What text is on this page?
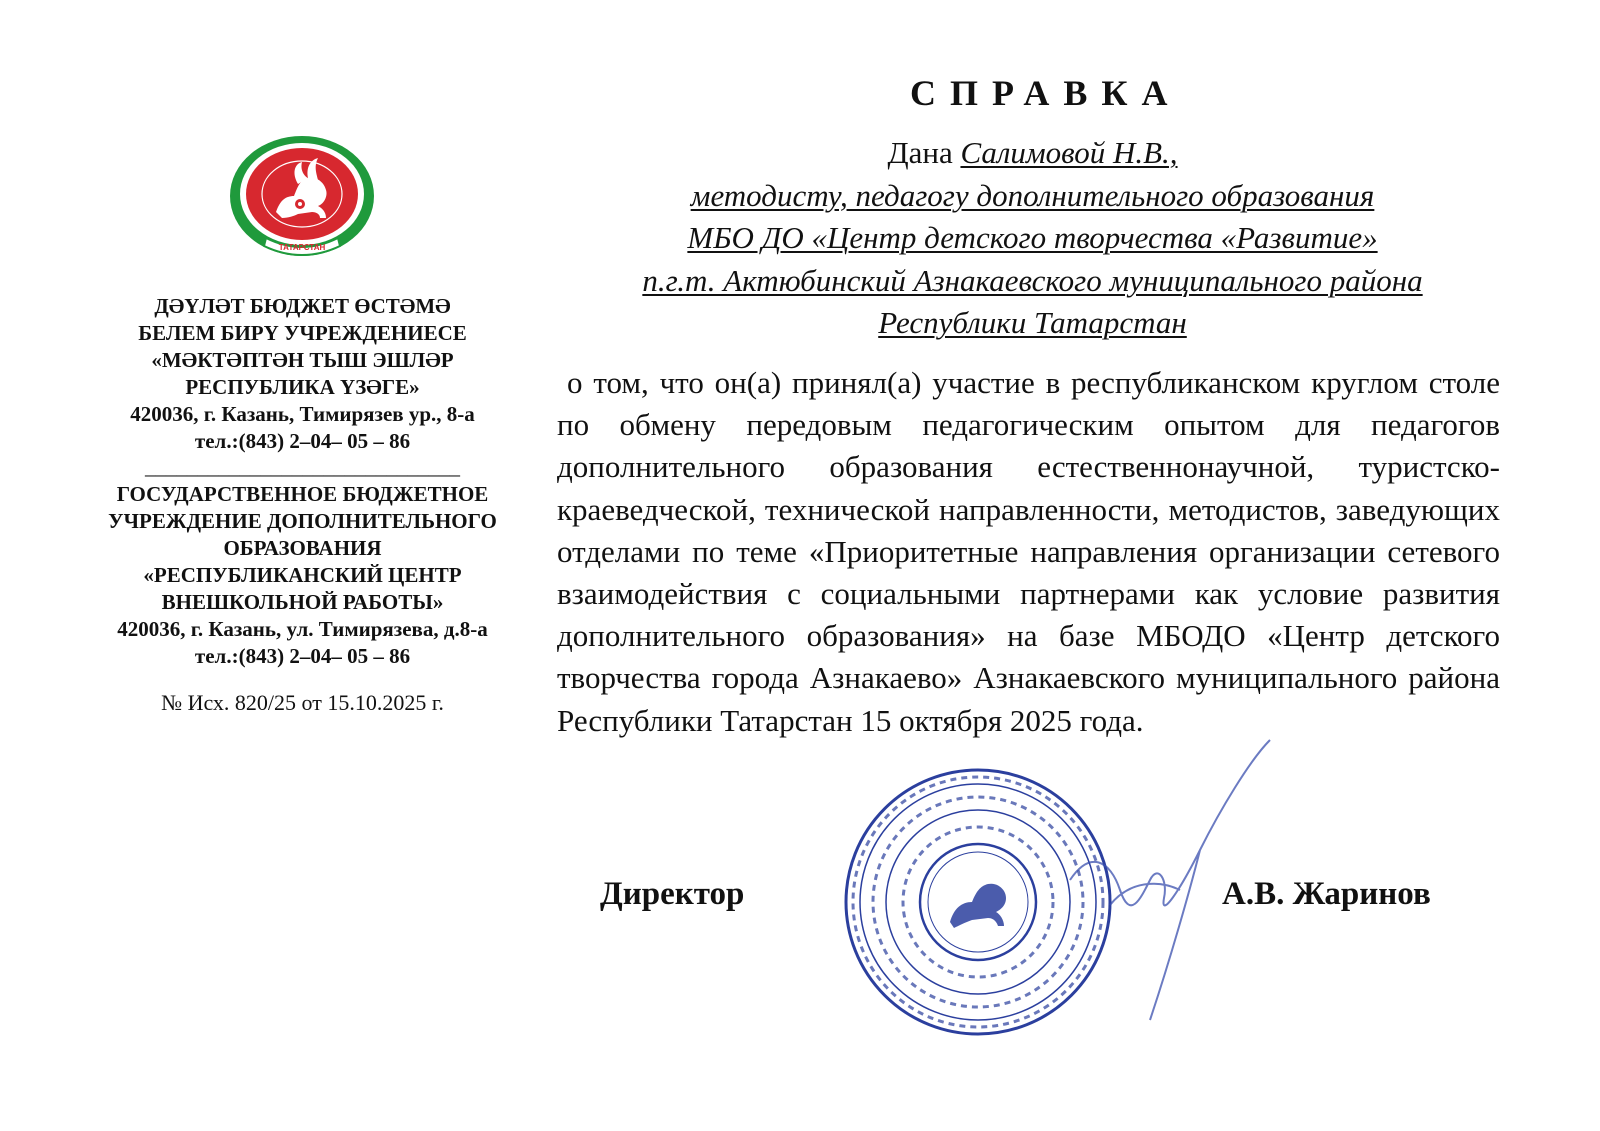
ТАТАРСТАН
ДӘҮЛӘТ БЮДЖЕТ ӨСТӘМӘ
БЕЛЕМ БИРҮ УЧРЕЖДЕНИЕСЕ
«МӘКТӘПТӘН ТЫШ ЭШЛӘР
РЕСПУБЛИКА ҮЗӘГЕ»
420036, г. Казань, Тимирязев ур., 8-а
тел.:(843) 2–04– 05 – 86
______________________________
ГОСУДАРСТВЕННОЕ БЮДЖЕТНОЕ
УЧРЕЖДЕНИЕ ДОПОЛНИТЕЛЬНОГО
ОБРАЗОВАНИЯ
«РЕСПУБЛИКАНСКИЙ ЦЕНТР
ВНЕШКОЛЬНОЙ РАБОТЫ»
420036, г. Казань, ул. Тимирязева, д.8-а
тел.:(843) 2–04– 05 – 86
№ Исх. 820/25 от 15.10.2025 г.
СПРАВКА
Дана Салимовой Н.В.,
методисту, педагогу дополнительного образования
МБО ДО «Центр детского творчества «Развитие»
п.г.т. Актюбинский Азнакаевского муниципального района
Республики Татарстан

о том, что он(а) принял(а) участие в республиканском круглом столе по обмену передовым педагогическим опытом для педагогов дополнительного образования естественнонаучной, туристско-краеведческой, технической направленности, методистов, заведующих отделами по теме «Приоритетные направления организации сетевого взаимодействия с социальными партнерами как условие развития дополнительного образования» на базе МБОДО «Центр детского творчества города Азнакаево» Азнакаевского муниципального района Республики Татарстан 15 октября 2025 года.

Директор	А.В. Жаринов
